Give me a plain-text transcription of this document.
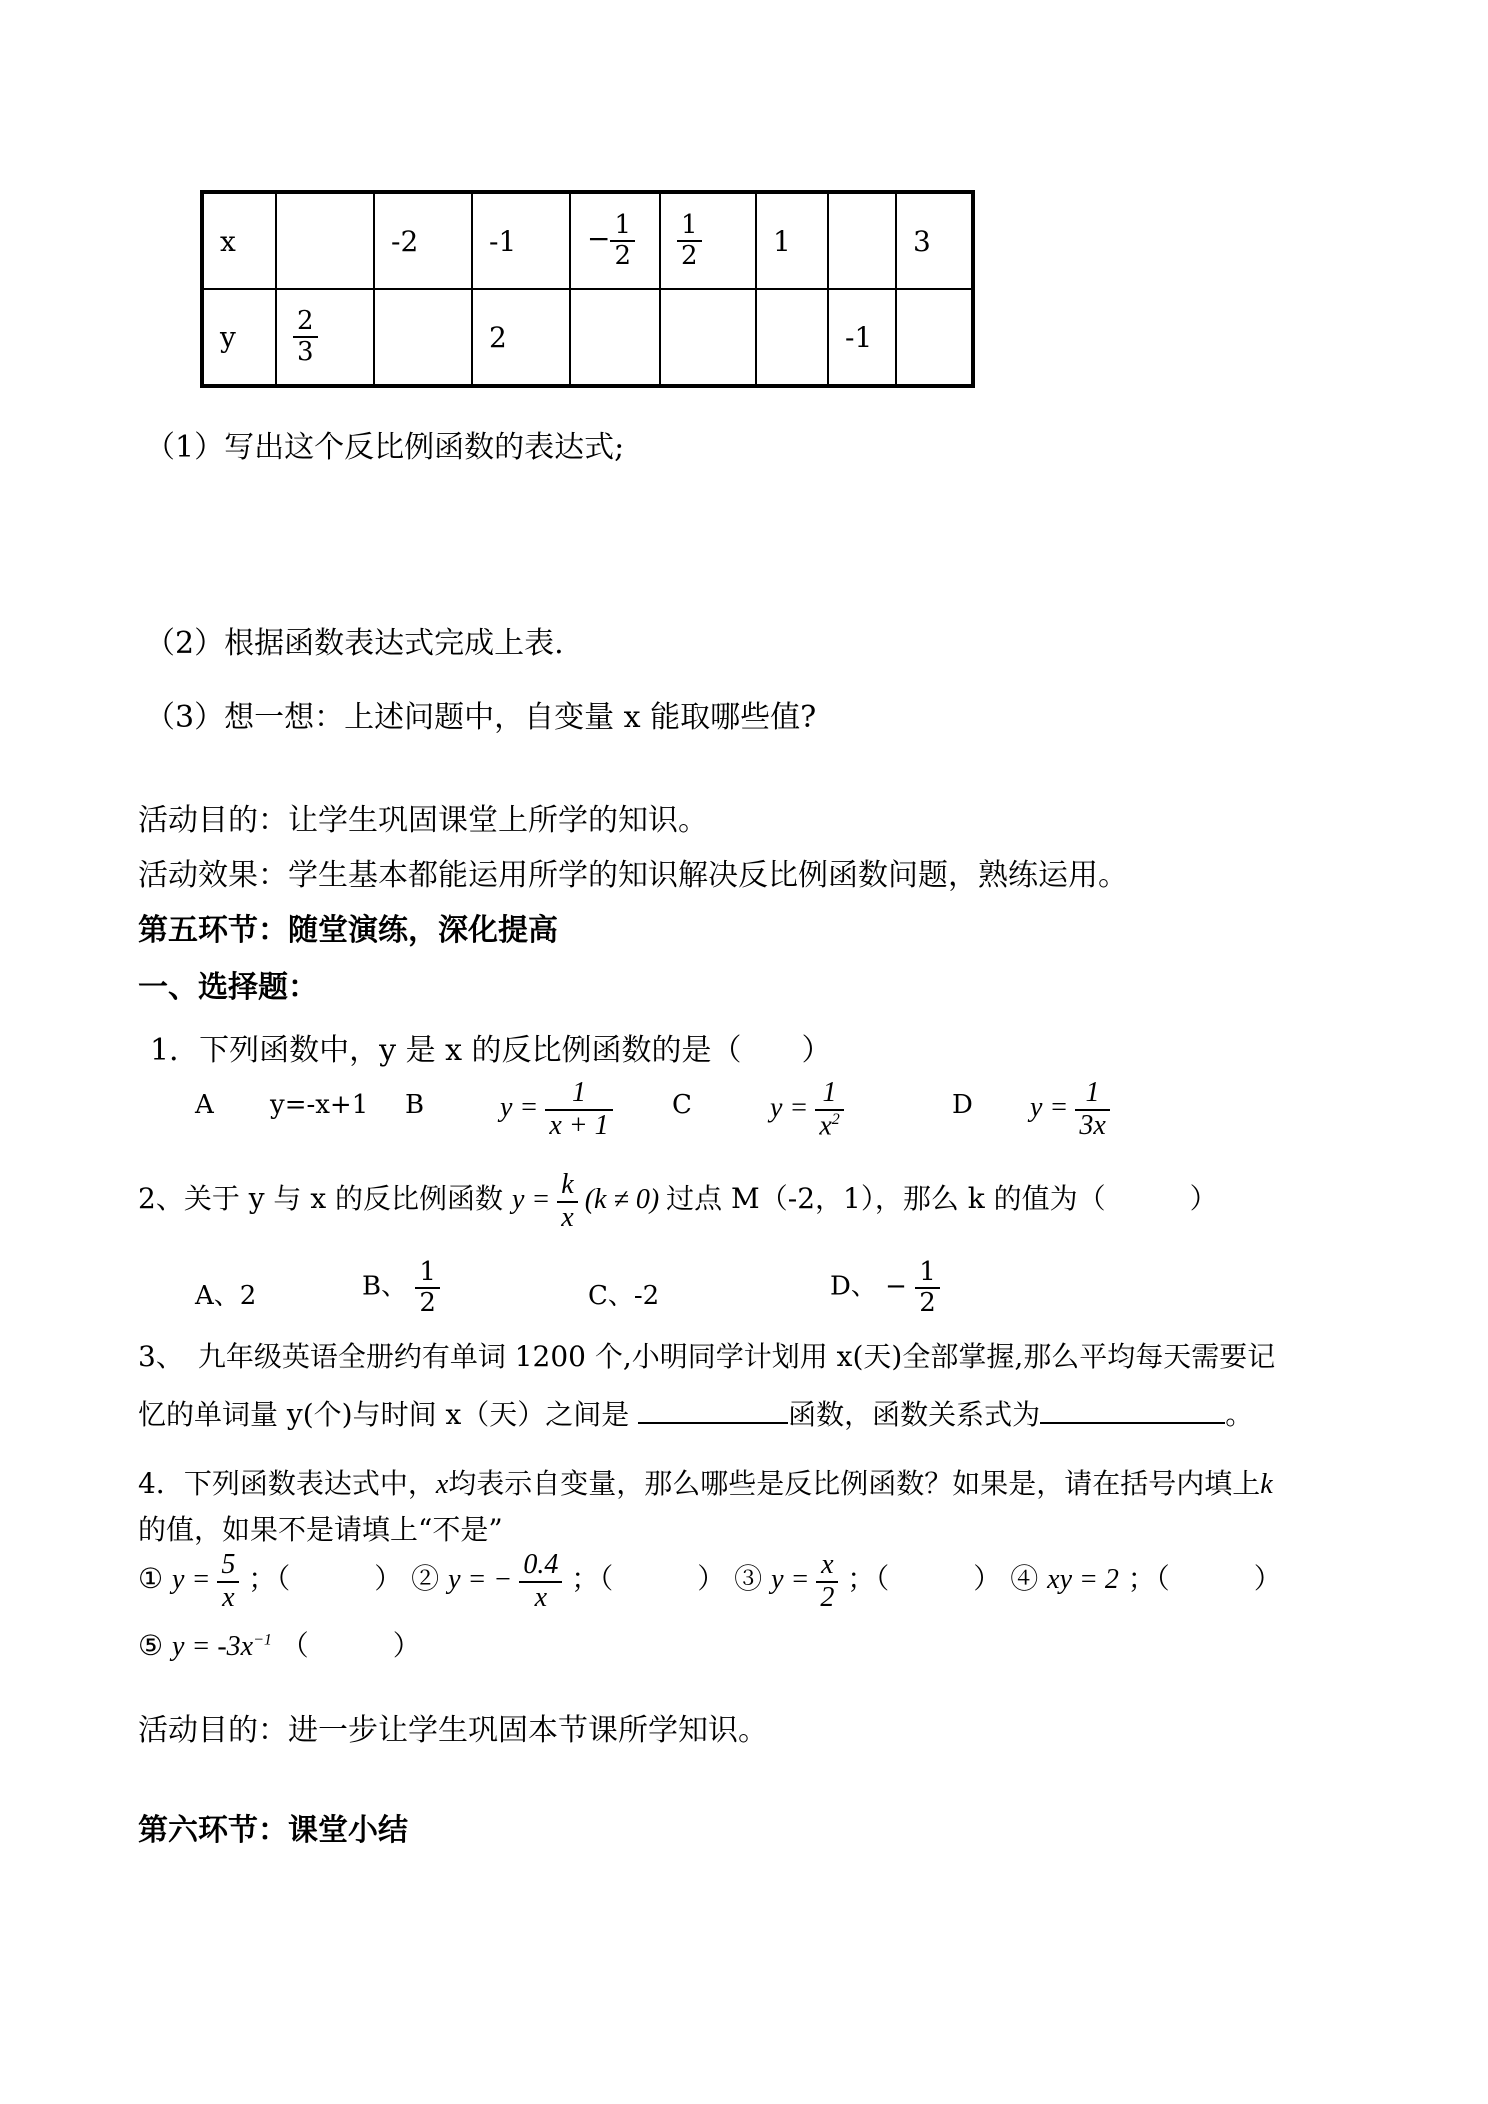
x		-2	-1	− $\frac{1}{2}$	$\frac{1}{2}$	1		3
y	$\frac{2}{3}$		2				-1	
（1）写出这个反比例函数的表达式;
（2）根据函数表达式完成上表.
（3）想一想：上述问题中，自变量 x 能取哪些值?
活动目的：让学生巩固课堂上所学的知识。
活动效果：学生基本都能运用所学的知识解决反比例函数问题，熟练运用。
第五环节：随堂演练，深化提高
一、选择题：
1．下列函数中，y 是 x 的反比例函数的是（　　）
A y=-x+1 B	$y = \frac{1}{x + 1}$ C	$y = \frac{1}{x^2}$	D $y = \frac{1}{3x}$
2、关于 y 与 x 的反比例函数 $y = \frac{k}{x} (k \ne 0)$ 过点 M（-2，1），那么 k 的值为（　　　）
A、2	B、 $\frac{1}{2}$	C、-2	D、 − $\frac{1}{2}$
3、　九年级英语全册约有单词 1200 个,小明同学计划用 x(天)全部掌握,那么平均每天需要记
忆的单词量 y(个)与时间 x（天）之间是	函数，函数关系式为	。
4．下列函数表达式中，x均表示自变量，那么哪些是反比例函数？如果是，请在括号内填上k
的值，如果不是请填上“不是”
① $y = \frac{5}{x}$ ；（　　　） ② y = − $\frac{0.4}{x}$ ；（　　　） ③ $y = \frac{x}{2}$ ；（　　　） ④ xy = 2 ；（　　　）
⑤ $y = -3x^{-1}$ （　　　）
活动目的：进一步让学生巩固本节课所学知识。
第六环节：课堂小结
